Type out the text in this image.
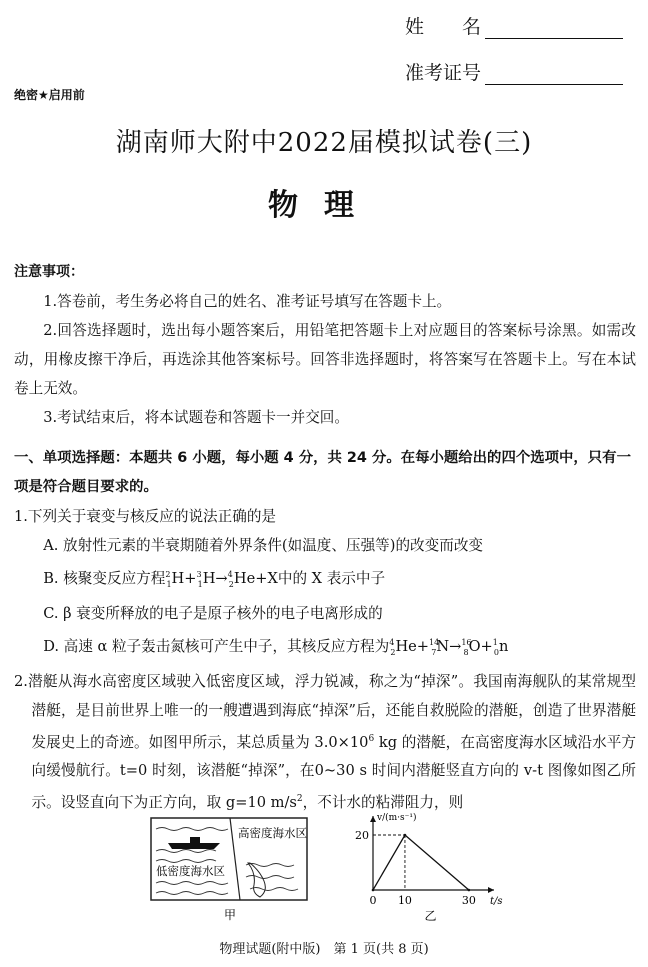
姓　　名
准考证号
绝密★启用前
湖南师大附中2022届模拟试卷(三)
物理

注意事项：

1.答卷前，考生务必将自己的姓名、准考证号填写在答题卡上。

2.回答选择题时，选出每小题答案后，用铅笔把答题卡上对应题目的答案标号涂黑。如需改动，用橡皮擦干净后，再选涂其他答案标号。回答非选择题时，将答案写在答题卡上。写在本试卷上无效。

3.考试结束后，将本试题卷和答题卡一并交回。

一、单项选择题：本题共 6 小题，每小题 4 分，共 24 分。在每小题给出的四个选项中，只有一项是符合题目要求的。

1.下列关于衰变与核反应的说法正确的是

A. 放射性元素的半衰期随着外界条件(如温度、压强等)的改变而改变

B. 核聚变反应方程$^2_1$H+$^3_1$H→$^4_2$He+X中的 X 表示中子

C. β 衰变所释放的电子是原子核外的电子电离形成的

D. 高速 α 粒子轰击氮核可产生中子，其核反应方程为$^4_2$He+$^{14}_7$N→$^{16}_8$O+$^1_0$n

2.潜艇从海水高密度区域驶入低密度区域，浮力锐减，称之为“掉深”。我国南海舰队的某常规型潜艇，是目前世界上唯一的一艘遭遇到海底“掉深”后，还能自救脱险的潜艇，创造了世界潜艇发展史上的奇迹。如图甲所示，某总质量为 $3.0\times 10^6$ kg 的潜艇，在高密度海水区域沿水平方向缓慢航行。t=0 时刻，该潜艇“掉深”，在0~30 s 时间内潜艇竖直方向的 v-t 图像如图乙所示。设竖直向下为正方向，取 g=10 $m/s^2$，不计水的粘滞阻力，则

高密度海水区
低密度海水区
甲
0 10	30
20
t/s
v/(m·s⁻¹)
乙
物理试题(附中版)　第 1 页(共 8 页)
